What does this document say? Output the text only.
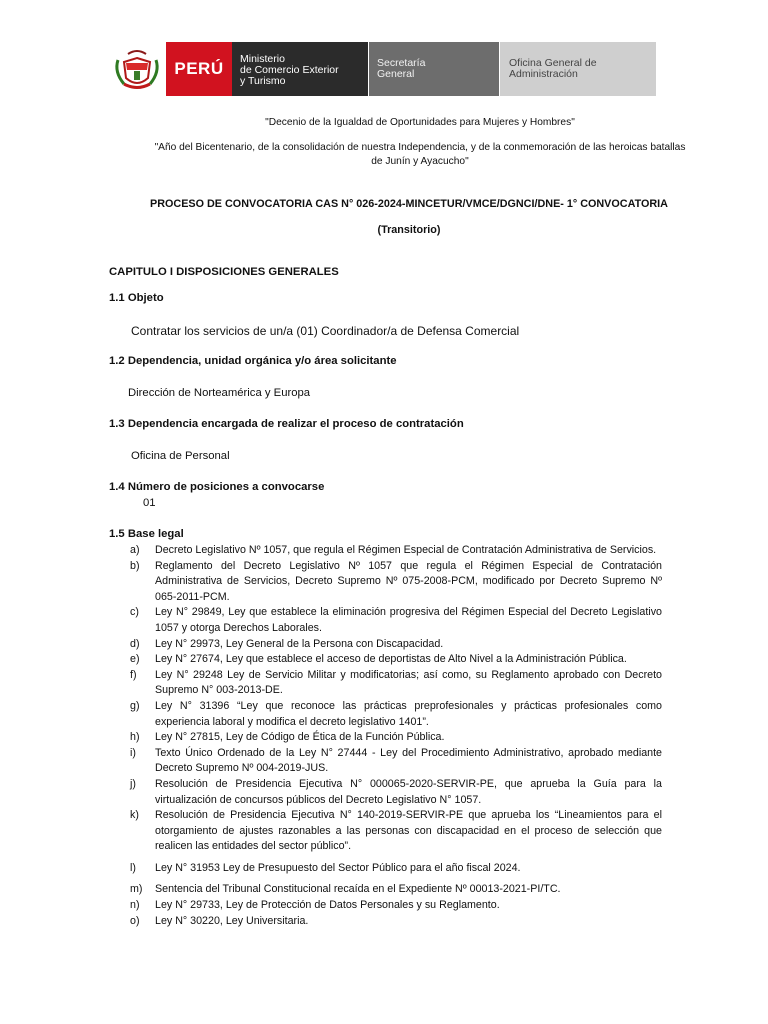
PERÚ	Ministerio
de Comercio Exterior
y Turismo
Secretaría
General
Oficina General de
Administración
"Decenio de la Igualdad de Oportunidades para Mujeres y Hombres"
"Año del Bicentenario, de la consolidación de nuestra Independencia, y de la conmemoración de las heroicas batallas de Junín y Ayacucho"
PROCESO DE CONVOCATORIA CAS N° 026-2024-MINCETUR/VMCE/DGNCI/DNE- 1° CONVOCATORIA
(Transitorio)
CAPITULO I DISPOSICIONES GENERALES
1.1 Objeto
Contratar los servicios de un/a (01) Coordinador/a de Defensa Comercial
1.2 Dependencia, unidad orgánica y/o área solicitante
Dirección de Norteamérica y Europa
1.3 Dependencia encargada de realizar el proceso de contratación
Oficina de Personal
1.4 Número de posiciones a convocarse
01
1.5 Base legal
a) Decreto Legislativo Nº 1057, que regula el Régimen Especial de Contratación Administrativa de Servicios.
b) Reglamento del Decreto Legislativo Nº 1057 que regula el Régimen Especial de Contratación Administrativa de Servicios, Decreto Supremo Nº 075-2008-PCM, modificado por Decreto Supremo Nº 065-2011-PCM.
c) Ley N° 29849, Ley que establece la eliminación progresiva del Régimen Especial del Decreto Legislativo 1057 y otorga Derechos Laborales.
d) Ley N° 29973, Ley General de la Persona con Discapacidad.
e) Ley N° 27674, Ley que establece el acceso de deportistas de Alto Nivel a la Administración Pública.
f) Ley N° 29248 Ley de Servicio Militar y modificatorias; así como, su Reglamento aprobado con Decreto Supremo N° 003-2013-DE.
g) Ley N° 31396 “Ley que reconoce las prácticas preprofesionales y prácticas profesionales como experiencia laboral y modifica el decreto legislativo 1401”.
h) Ley N° 27815, Ley de Código de Ética de la Función Pública.
i) Texto Único Ordenado de la Ley N° 27444 - Ley del Procedimiento Administrativo, aprobado mediante Decreto Supremo Nº 004-2019-JUS.
j) Resolución de Presidencia Ejecutiva N° 000065-2020-SERVIR-PE, que aprueba la Guía para la virtualización de concursos públicos del Decreto Legislativo N° 1057.
k) Resolución de Presidencia Ejecutiva N° 140-2019-SERVIR-PE que aprueba los “Lineamientos para el otorgamiento de ajustes razonables a las personas con discapacidad en el proceso de selección que realicen las entidades del sector público”.
l) Ley N° 31953 Ley de Presupuesto del Sector Público para el año fiscal 2024.
m) Sentencia del Tribunal Constitucional recaída en el Expediente Nº 00013-2021-PI/TC.
n) Ley N° 29733, Ley de Protección de Datos Personales y su Reglamento.
o) Ley N° 30220, Ley Universitaria.
